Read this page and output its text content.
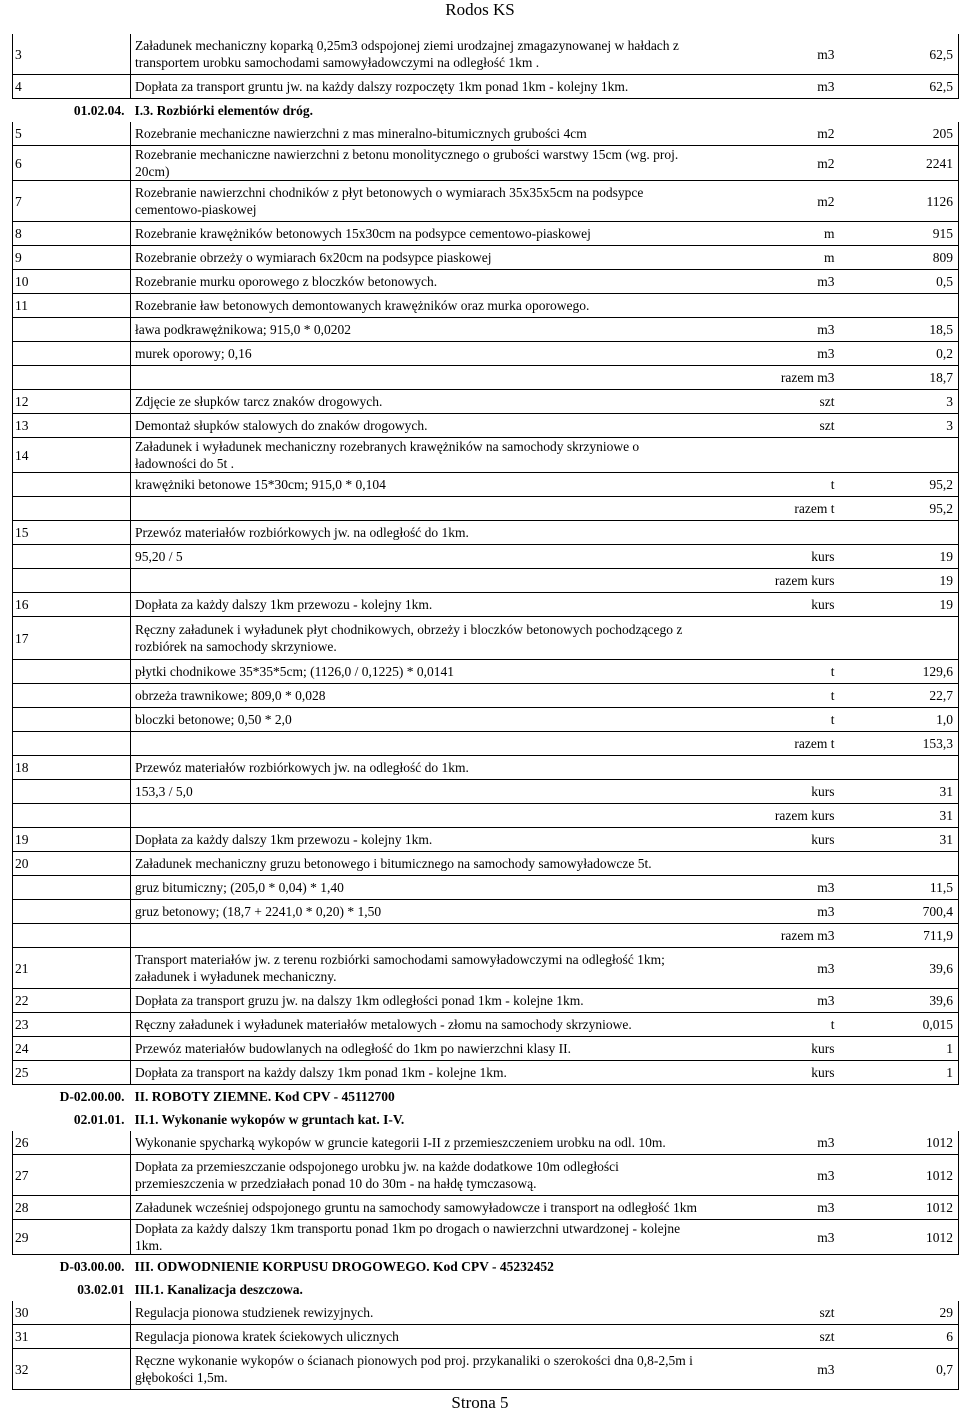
Rodos KS
3	Załadunek mechaniczny koparką 0,25m3 odspojonej ziemi urodzajnej zmagazynowanej w hałdach z transportem urobku samochodami samowyładowczymi na odległość 1km .	m3	62,5
4	Dopłata za transport gruntu jw. na każdy dalszy rozpoczęty 1km ponad 1km - kolejny 1km.	m3	62,5
01.02.04.	I.3. Rozbiórki elementów dróg.		
5	Rozebranie mechaniczne nawierzchni z mas mineralno-bitumicznych grubości 4cm	m2	205
6	Rozebranie mechaniczne nawierzchni z betonu monolitycznego o grubości warstwy 15cm (wg. proj. 20cm)	m2	2241
7	Rozebranie nawierzchni chodników z płyt betonowych o wymiarach 35x35x5cm na podsypce cementowo-piaskowej	m2	1126
8	Rozebranie krawężników betonowych 15x30cm na podsypce cementowo-piaskowej	m	915
9	Rozebranie obrzeży o wymiarach 6x20cm na podsypce piaskowej	m	809
10	Rozebranie murku oporowego z bloczków betonowych.	m3	0,5
11	Rozebranie ław betonowych demontowanych krawężników oraz murka oporowego.		
	ława podkrawężnikowa; 915,0 * 0,0202	m3	18,5
	murek oporowy; 0,16	m3	0,2
		razem m3	18,7
12	Zdjęcie ze słupków tarcz znaków drogowych.	szt	3
13	Demontaż słupków stalowych do znaków drogowych.	szt	3
14	Załadunek i wyładunek mechaniczny rozebranych krawężników na samochody skrzyniowe o ładowności do 5t .		
	krawężniki betonowe 15*30cm; 915,0 * 0,104	t	95,2
		razem t	95,2
15	Przewóz materiałów rozbiórkowych jw. na odległość do 1km.		
	95,20 / 5	kurs	19
		razem kurs	19
16	Dopłata za każdy dalszy 1km przewozu - kolejny 1km.	kurs	19
17	Ręczny załadunek i wyładunek płyt chodnikowych, obrzeży i bloczków betonowych pochodzącego z rozbiórek na samochody skrzyniowe.		
	płytki chodnikowe 35*35*5cm; (1126,0 / 0,1225) * 0,0141	t	129,6
	obrzeża trawnikowe; 809,0 * 0,028	t	22,7
	bloczki betonowe; 0,50 * 2,0	t	1,0
		razem t	153,3
18	Przewóz materiałów rozbiórkowych jw. na odległość do 1km.		
	153,3 / 5,0	kurs	31
		razem kurs	31
19	Dopłata za każdy dalszy 1km przewozu - kolejny 1km.	kurs	31
20	Załadunek mechaniczny gruzu betonowego i bitumicznego na samochody samowyładowcze 5t.		
	gruz bitumiczny; (205,0 * 0,04) * 1,40	m3	11,5
	gruz betonowy; (18,7 + 2241,0 * 0,20) * 1,50	m3	700,4
		razem m3	711,9
21	Transport materiałów jw. z terenu rozbiórki samochodami samowyładowczymi na odległość 1km; załadunek i wyładunek mechaniczny.	m3	39,6
22	Dopłata za transport gruzu jw. na dalszy 1km odległości ponad 1km - kolejne 1km.	m3	39,6
23	Ręczny załadunek i wyładunek materiałów metalowych - złomu na samochody skrzyniowe.	t	0,015
24	Przewóz materiałów budowlanych na odległość do 1km po nawierzchni klasy II.	kurs	1
25	Dopłata za transport na każdy dalszy 1km ponad 1km - kolejne 1km.	kurs	1
D-02.00.00.	II. ROBOTY ZIEMNE. Kod CPV - 45112700		
02.01.01.	II.1. Wykonanie wykopów w gruntach kat. I-V.		
26	Wykonanie spycharką wykopów w gruncie kategorii I-II z przemieszczeniem urobku na odl. 10m.	m3	1012
27	Dopłata za przemieszczanie odspojonego urobku jw. na każde dodatkowe 10m odległości przemieszczenia w przedziałach ponad 10 do 30m - na hałdę tymczasową.	m3	1012
28	Załadunek wcześniej odspojonego gruntu na samochody samowyładowcze i transport na odległość 1km	m3	1012
29	Dopłata za każdy dalszy 1km transportu ponad 1km po drogach o nawierzchni utwardzonej - kolejne 1km.	m3	1012
D-03.00.00.	III. ODWODNIENIE KORPUSU DROGOWEGO. Kod CPV - 45232452		
03.02.01	III.1. Kanalizacja deszczowa.		
30	Regulacja pionowa studzienek rewizyjnych.	szt	29
31	Regulacja pionowa kratek ściekowych ulicznych	szt	6
32	Ręczne wykonanie wykopów o ścianach pionowych pod proj. przykanaliki o szerokości dna 0,8-2,5m i głębokości 1,5m.	m3	0,7
Strona 5
